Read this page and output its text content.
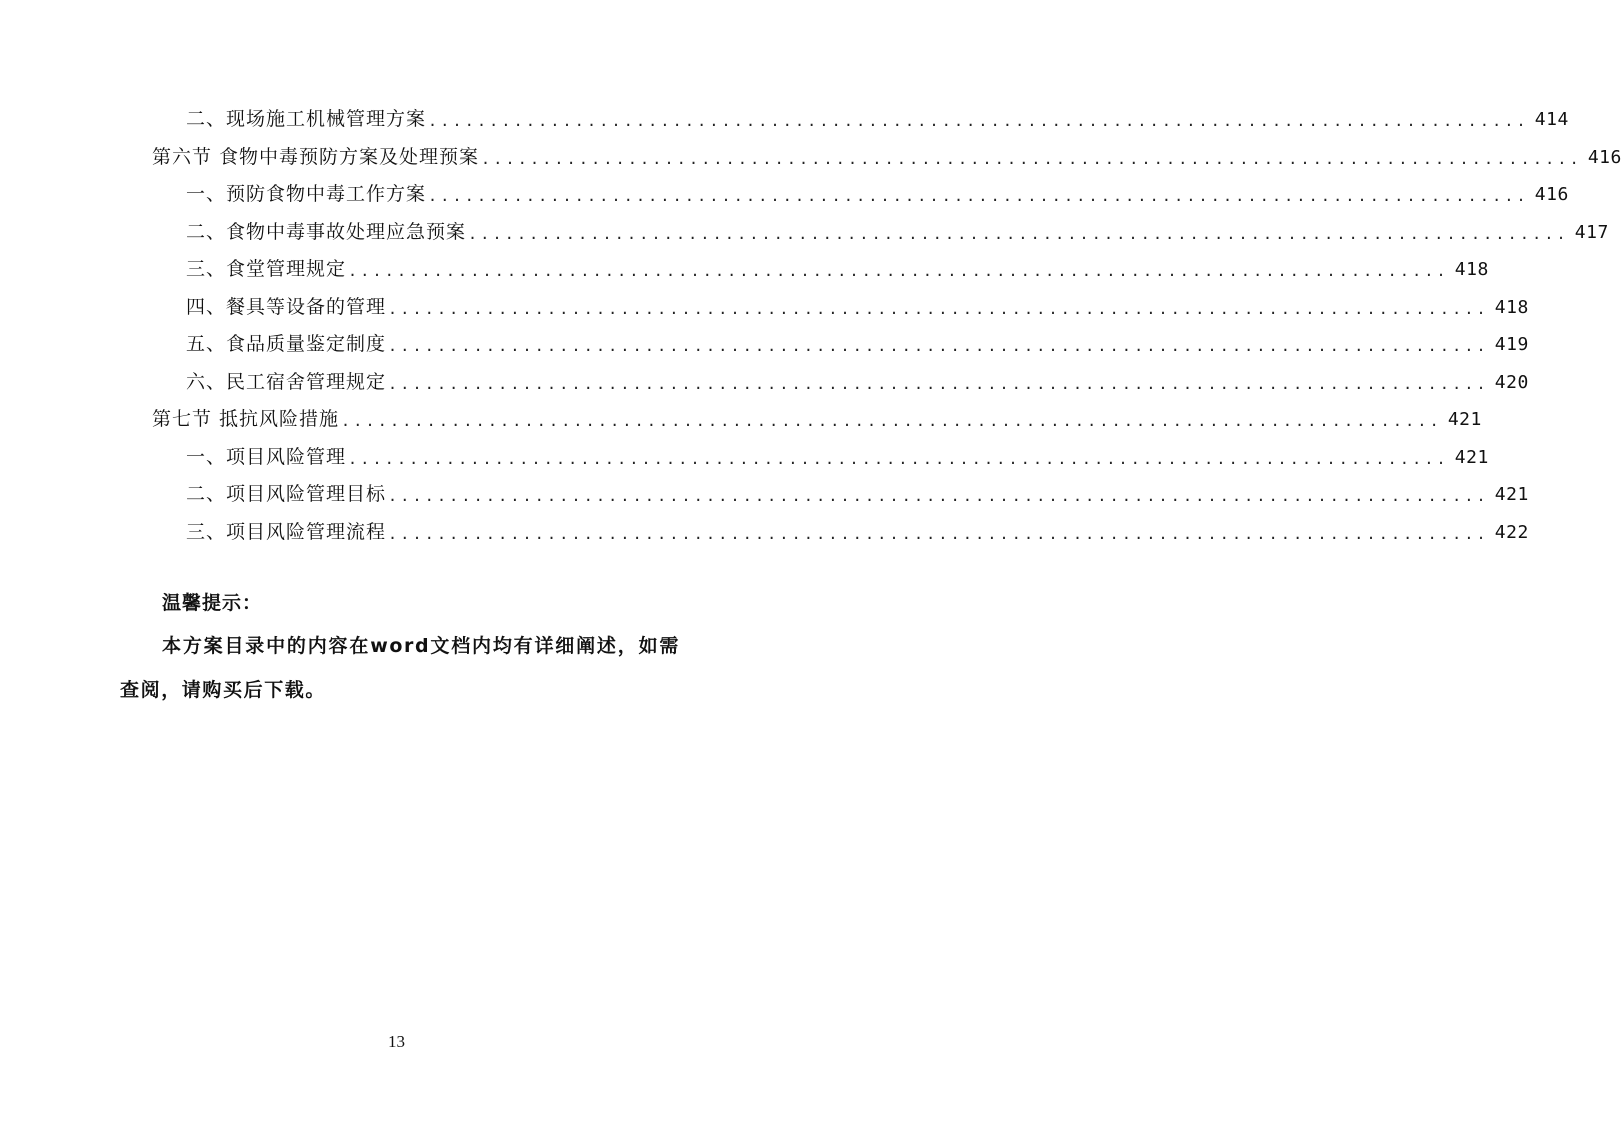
二、现场施工机械管理方案 .......................................................................................... 414
第六节 食物中毒预防方案及处理预案 .......................................................................................... 416
一、预防食物中毒工作方案 .......................................................................................... 416
二、食物中毒事故处理应急预案 .......................................................................................... 417
三、食堂管理规定 .......................................................................................... 418
四、餐具等设备的管理 .......................................................................................... 418
五、食品质量鉴定制度 .......................................................................................... 419
六、民工宿舍管理规定 .......................................................................................... 420
第七节 抵抗风险措施 .......................................................................................... 421
一、项目风险管理 .......................................................................................... 421
二、项目风险管理目标 .......................................................................................... 421
三、项目风险管理流程 .......................................................................................... 422
温馨提示：
本方案目录中的内容在word文档内均有详细阐述，如需查阅，请购买后下载。
13
